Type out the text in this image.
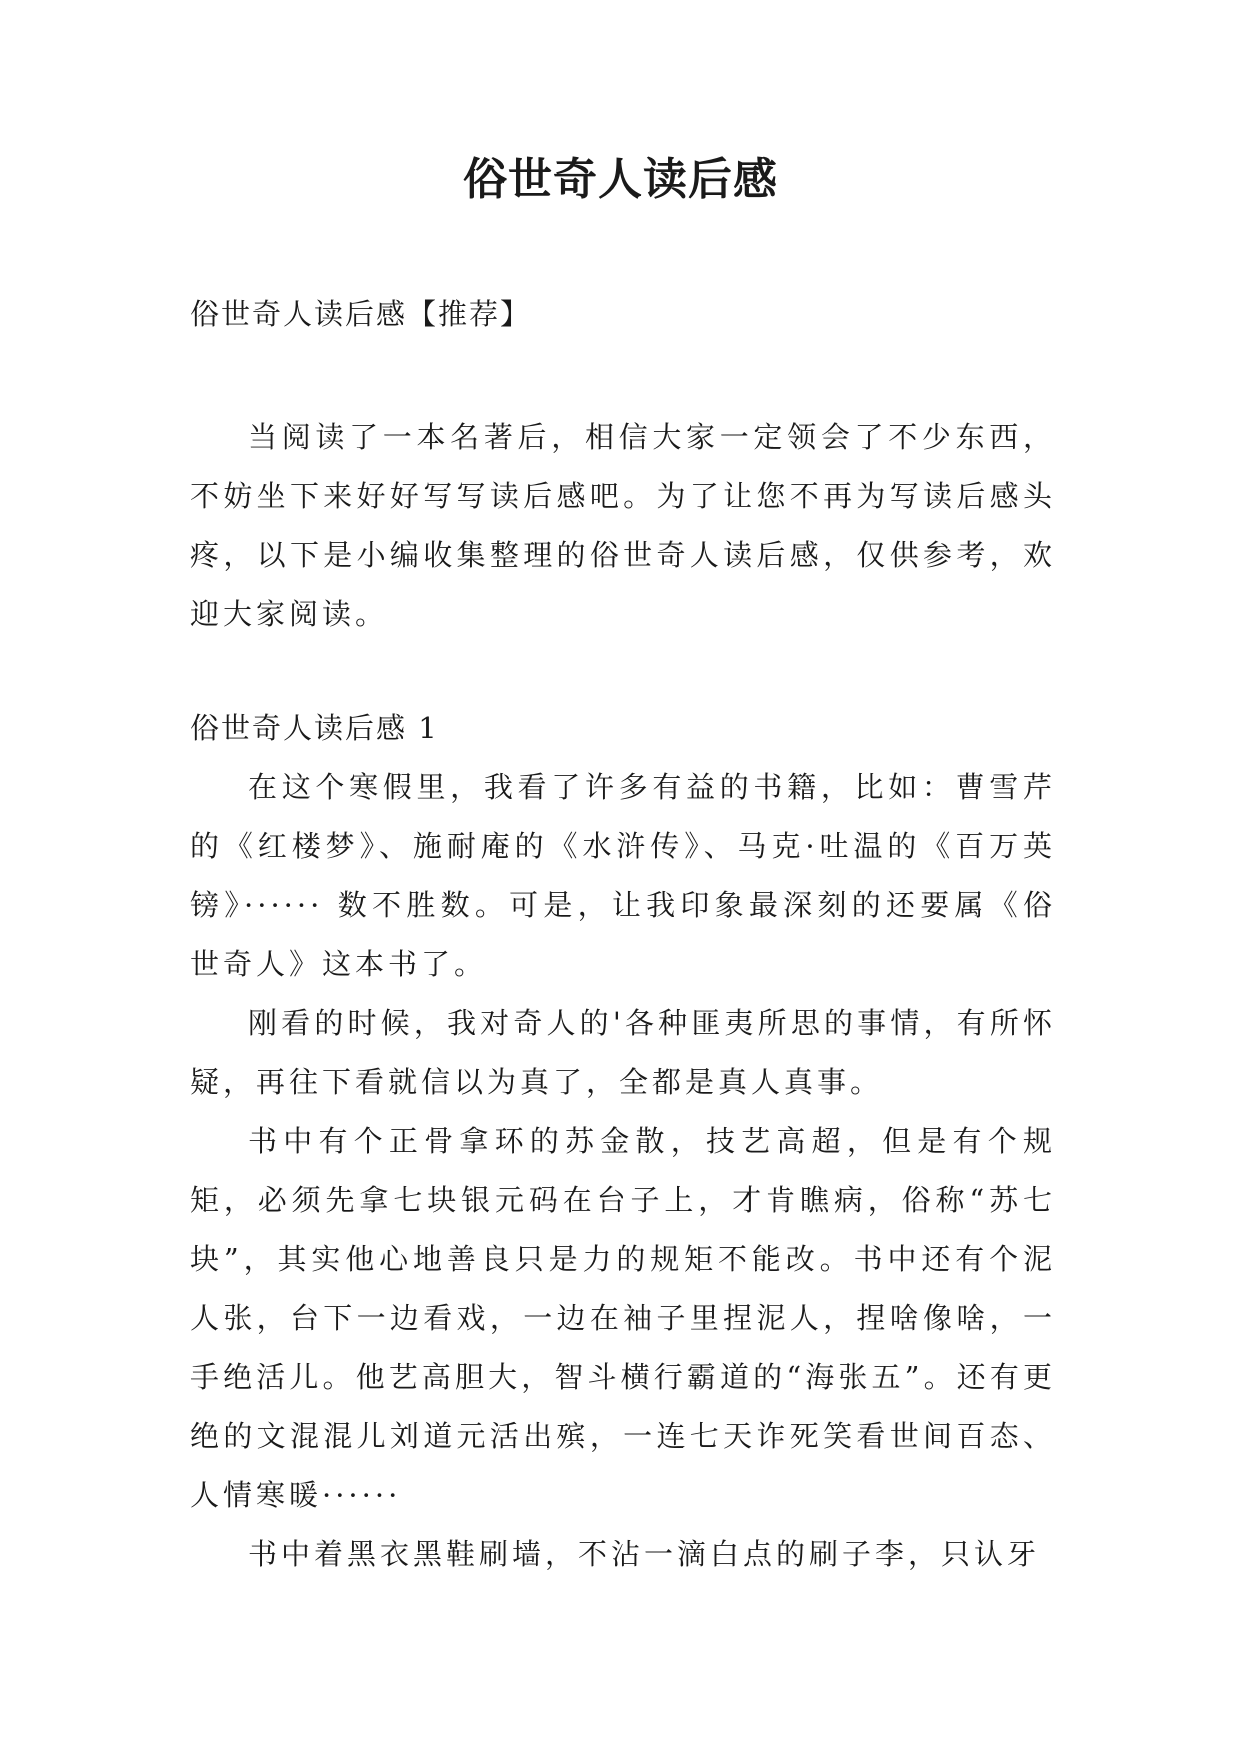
俗世奇人读后感

俗世奇人读后感【推荐】

当阅读了一本名著后，相信大家一定领会了不少东西，不妨坐下来好好写写读后感吧。为了让您不再为写读后感头疼，以下是小编收集整理的俗世奇人读后感，仅供参考，欢迎大家阅读。

俗世奇人读后感 1

在这个寒假里，我看了许多有益的书籍，比如：曹雪芹的《红楼梦》、施耐庵的《水浒传》、马克·吐温的《百万英镑》······ 数不胜数。可是，让我印象最深刻的还要属《俗世奇人》这本书了。

刚看的时候，我对奇人的'各种匪夷所思的事情，有所怀疑，再往下看就信以为真了，全都是真人真事。

书中有个正骨拿环的苏金散，技艺高超，但是有个规矩，必须先拿七块银元码在台子上，才肯瞧病，俗称“苏七块”，其实他心地善良只是力的规矩不能改。书中还有个泥人张，台下一边看戏，一边在袖子里捏泥人，捏啥像啥，一手绝活儿。他艺高胆大，智斗横行霸道的“海张五”。还有更绝的文混混儿刘道元活出殡，一连七天诈死笑看世间百态、人情寒暖······

书中着黑衣黑鞋刷墙，不沾一滴白点的刷子李，只认牙
